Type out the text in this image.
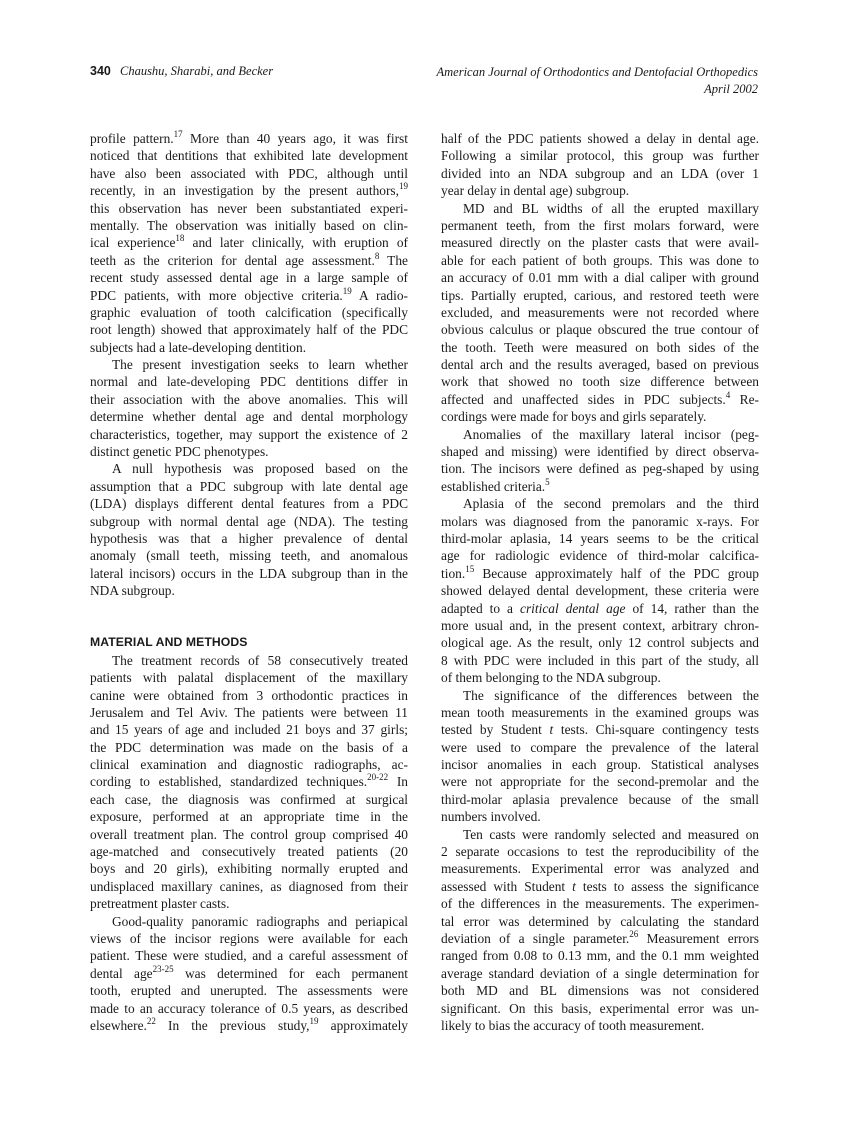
340 Chaushu, Sharabi, and Becker	American Journal of Orthodontics and Dentofacial Orthopedics
April 2002
profile pattern.$^{17}$ More than 40 years ago, it was first
noticed that dentitions that exhibited late development
have also been associated with PDC, although until
recently, in an investigation by the present authors,$^{19}$
this observation has never been substantiated experi-
mentally. The observation was initially based on clin-
ical experience$^{18}$ and later clinically, with eruption of
teeth as the criterion for dental age assessment.$^8$ The
recent study assessed dental age in a large sample of
PDC patients, with more objective criteria.$^{19}$ A radio-
graphic evaluation of tooth calcification (specifically
root length) showed that approximately half of the PDC
subjects had a late-developing dentition.
The present investigation seeks to learn whether
normal and late-developing PDC dentitions differ in
their association with the above anomalies. This will
determine whether dental age and dental morphology
characteristics, together, may support the existence of 2
distinct genetic PDC phenotypes.
A null hypothesis was proposed based on the
assumption that a PDC subgroup with late dental age
(LDA) displays different dental features from a PDC
subgroup with normal dental age (NDA). The testing
hypothesis was that a higher prevalence of dental
anomaly (small teeth, missing teeth, and anomalous
lateral incisors) occurs in the LDA subgroup than in the
NDA subgroup.
MATERIAL AND METHODS
The treatment records of 58 consecutively treated
patients with palatal displacement of the maxillary
canine were obtained from 3 orthodontic practices in
Jerusalem and Tel Aviv. The patients were between 11
and 15 years of age and included 21 boys and 37 girls;
the PDC determination was made on the basis of a
clinical examination and diagnostic radiographs, ac-
cording to established, standardized techniques.$^{20-22}$ In
each case, the diagnosis was confirmed at surgical
exposure, performed at an appropriate time in the
overall treatment plan. The control group comprised 40
age-matched and consecutively treated patients (20
boys and 20 girls), exhibiting normally erupted and
undisplaced maxillary canines, as diagnosed from their
pretreatment plaster casts.
Good-quality panoramic radiographs and periapical
views of the incisor regions were available for each
patient. These were studied, and a careful assessment of
dental age$^{23-25}$ was determined for each permanent
tooth, erupted and unerupted. The assessments were
made to an accuracy tolerance of 0.5 years, as described
elsewhere.$^{22}$ In the previous study,$^{19}$ approximately
half of the PDC patients showed a delay in dental age.
Following a similar protocol, this group was further
divided into an NDA subgroup and an LDA (over 1
year delay in dental age) subgroup.
MD and BL widths of all the erupted maxillary
permanent teeth, from the first molars forward, were
measured directly on the plaster casts that were avail-
able for each patient of both groups. This was done to
an accuracy of 0.01 mm with a dial caliper with ground
tips. Partially erupted, carious, and restored teeth were
excluded, and measurements were not recorded where
obvious calculus or plaque obscured the true contour of
the tooth. Teeth were measured on both sides of the
dental arch and the results averaged, based on previous
work that showed no tooth size difference between
affected and unaffected sides in PDC subjects.$^4$ Re-
cordings were made for boys and girls separately.
Anomalies of the maxillary lateral incisor (peg-
shaped and missing) were identified by direct observa-
tion. The incisors were defined as peg-shaped by using
established criteria.$^5$
Aplasia of the second premolars and the third
molars was diagnosed from the panoramic x-rays. For
third-molar aplasia, 14 years seems to be the critical
age for radiologic evidence of third-molar calcifica-
tion.$^{15}$ Because approximately half of the PDC group
showed delayed dental development, these criteria were
adapted to a critical dental age of 14, rather than the
more usual and, in the present context, arbitrary chron-
ological age. As the result, only 12 control subjects and
8 with PDC were included in this part of the study, all
of them belonging to the NDA subgroup.
The significance of the differences between the
mean tooth measurements in the examined groups was
tested by Student t tests. Chi-square contingency tests
were used to compare the prevalence of the lateral
incisor anomalies in each group. Statistical analyses
were not appropriate for the second-premolar and the
third-molar aplasia prevalence because of the small
numbers involved.
Ten casts were randomly selected and measured on
2 separate occasions to test the reproducibility of the
measurements. Experimental error was analyzed and
assessed with Student t tests to assess the significance
of the differences in the measurements. The experimen-
tal error was determined by calculating the standard
deviation of a single parameter.$^{26}$ Measurement errors
ranged from 0.08 to 0.13 mm, and the 0.1 mm weighted
average standard deviation of a single determination for
both MD and BL dimensions was not considered
significant. On this basis, experimental error was un-
likely to bias the accuracy of tooth measurement.
